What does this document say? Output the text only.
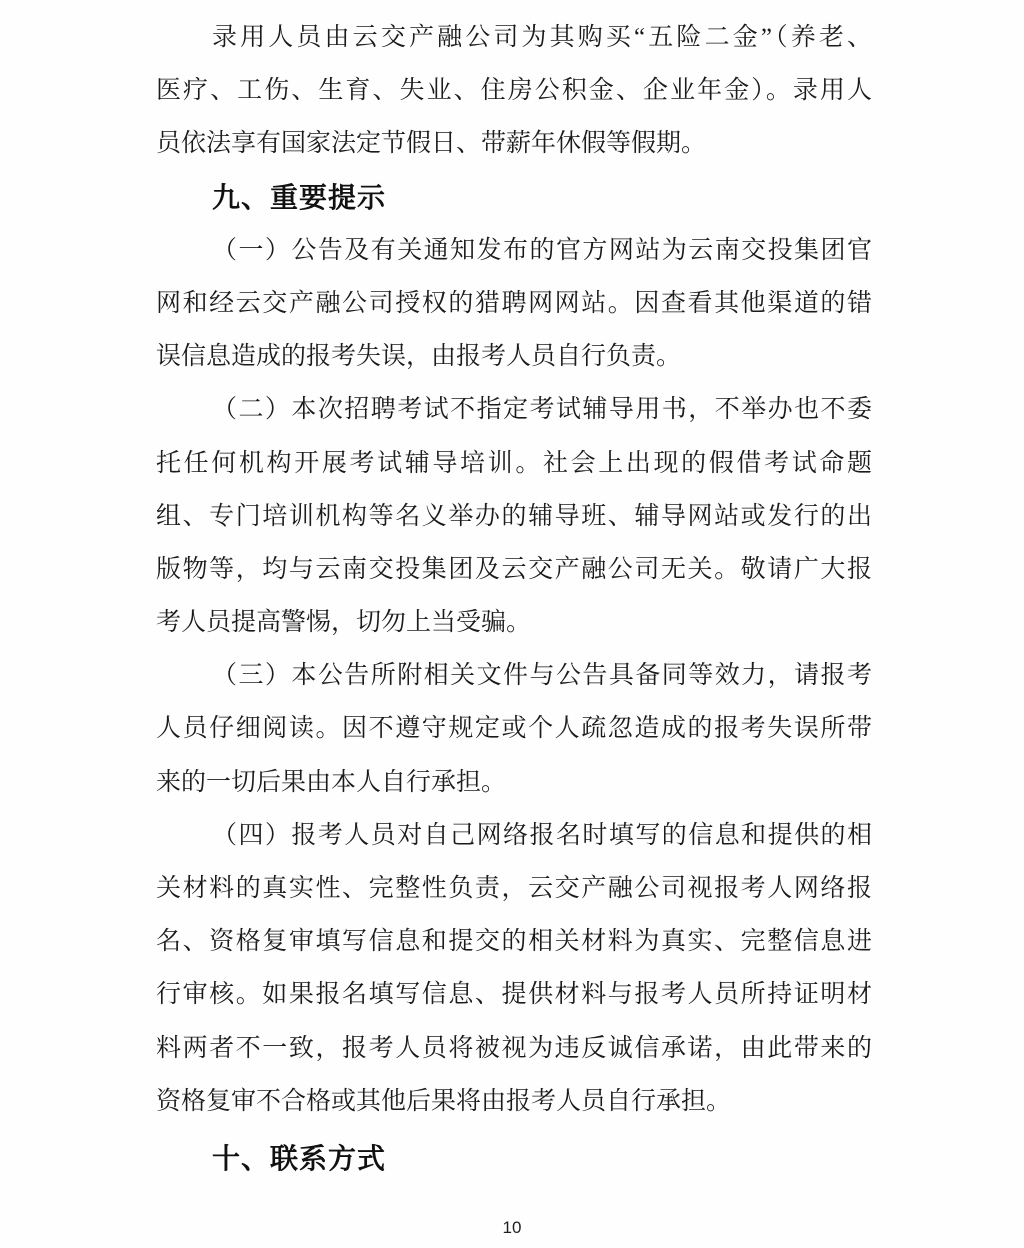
录用人员由云交产融公司为其购买“五险二金”（养老、
医疗、工伤、生育、失业、住房公积金、企业年金）。录用人
员依法享有国家法定节假日、带薪年休假等假期。
九、重要提示
（一）公告及有关通知发布的官方网站为云南交投集团官
网和经云交产融公司授权的猎聘网网站。因查看其他渠道的错
误信息造成的报考失误，由报考人员自行负责。
（二）本次招聘考试不指定考试辅导用书，不举办也不委
托任何机构开展考试辅导培训。社会上出现的假借考试命题
组、专门培训机构等名义举办的辅导班、辅导网站或发行的出
版物等，均与云南交投集团及云交产融公司无关。敬请广大报
考人员提高警惕，切勿上当受骗。
（三）本公告所附相关文件与公告具备同等效力，请报考
人员仔细阅读。因不遵守规定或个人疏忽造成的报考失误所带
来的一切后果由本人自行承担。
（四）报考人员对自己网络报名时填写的信息和提供的相
关材料的真实性、完整性负责，云交产融公司视报考人网络报
名、资格复审填写信息和提交的相关材料为真实、完整信息进
行审核。如果报名填写信息、提供材料与报考人员所持证明材
料两者不一致，报考人员将被视为违反诚信承诺，由此带来的
资格复审不合格或其他后果将由报考人员自行承担。
十、联系方式
10
